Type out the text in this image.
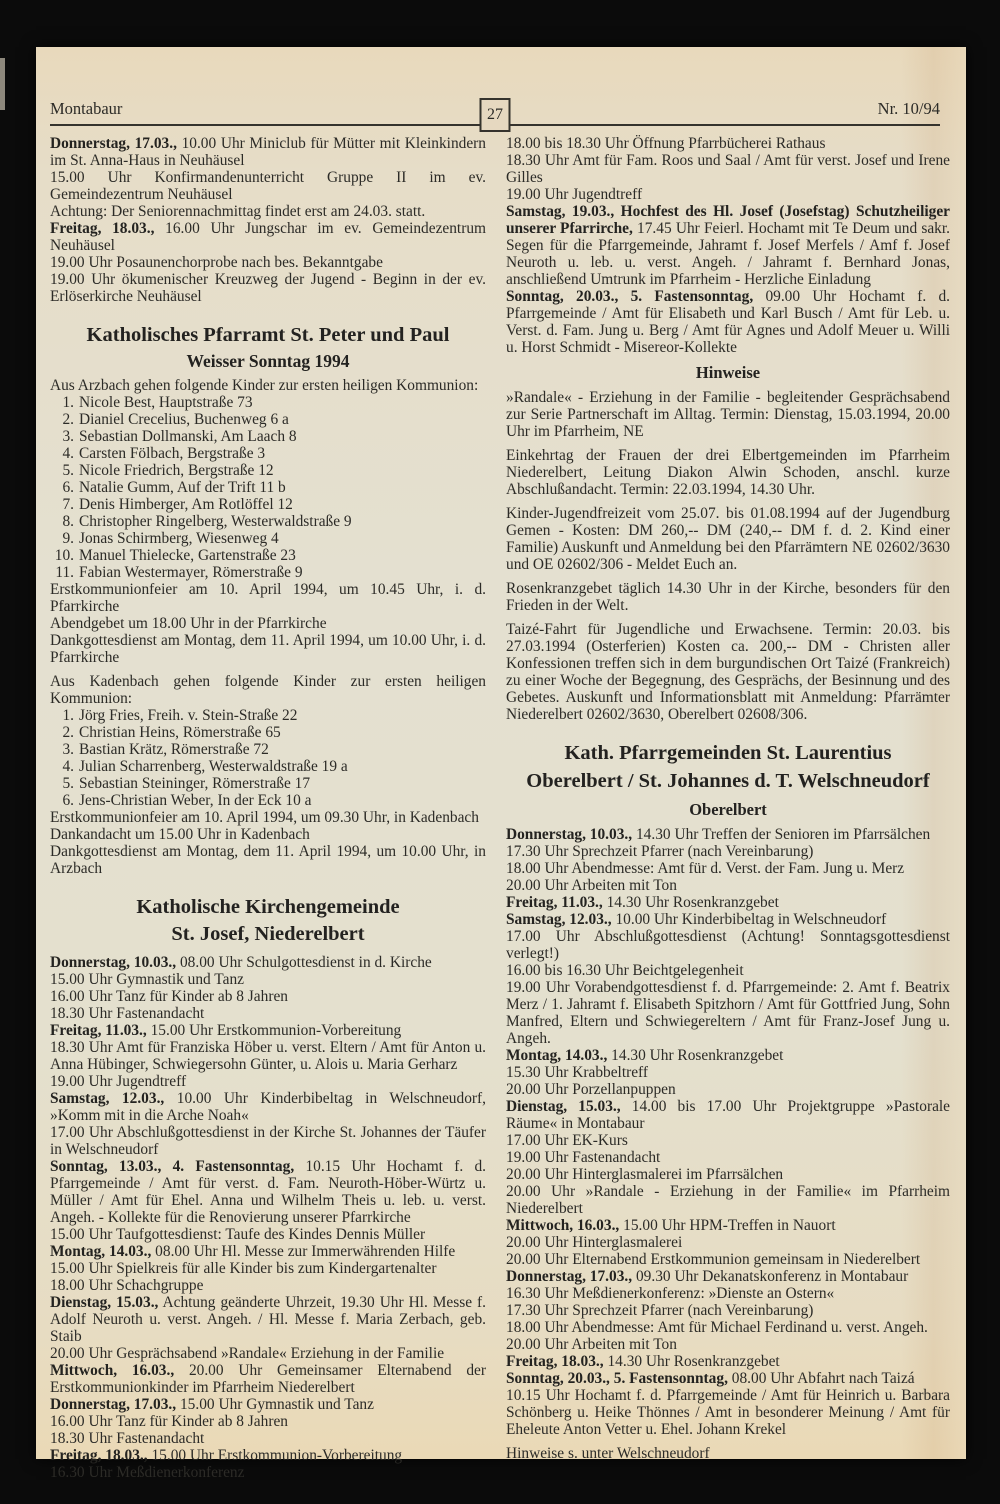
Montabaur	27	Nr. 10/94
Donnerstag, 17.03., 10.00 Uhr Miniclub für Mütter mit Kleinkindern im St. Anna-Haus in Neuhäusel
15.00 Uhr Konfirmandenunterricht Gruppe II im ev. Gemeindezentrum Neuhäusel
Achtung: Der Seniorennachmittag findet erst am 24.03. statt.
Freitag, 18.03., 16.00 Uhr Jungschar im ev. Gemeindezentrum Neuhäusel
19.00 Uhr Posaunenchorprobe nach bes. Bekanntgabe
19.00 Uhr ökumenischer Kreuzweg der Jugend - Beginn in der ev. Erlöserkirche Neuhäusel
Katholisches Pfarramt St. Peter und Paul
Weisser Sonntag 1994
Aus Arzbach gehen folgende Kinder zur ersten heiligen Kommunion:
1. Nicole Best, Hauptstraße 73
2. Dianiel Crecelius, Buchenweg 6 a
3. Sebastian Dollmanski, Am Laach 8
4. Carsten Fölbach, Bergstraße 3
5. Nicole Friedrich, Bergstraße 12
6. Natalie Gumm, Auf der Trift 11 b
7. Denis Himberger, Am Rotlöffel 12
8. Christopher Ringelberg, Westerwaldstraße 9
9. Jonas Schirmberg, Wiesenweg 4
10. Manuel Thielecke, Gartenstraße 23
11. Fabian Westermayer, Römerstraße 9
Erstkommunionfeier am 10. April 1994, um 10.45 Uhr, i. d. Pfarrkirche
Abendgebet um 18.00 Uhr in der Pfarrkirche
Dankgottesdienst am Montag, dem 11. April 1994, um 10.00 Uhr, i. d. Pfarrkirche
Aus Kadenbach gehen folgende Kinder zur ersten heiligen Kommunion:
1. Jörg Fries, Freih. v. Stein-Straße 22
2. Christian Heins, Römerstraße 65
3. Bastian Krätz, Römerstraße 72
4. Julian Scharrenberg, Westerwaldstraße 19 a
5. Sebastian Steininger, Römerstraße 17
6. Jens-Christian Weber, In der Eck 10 a
Erstkommunionfeier am 10. April 1994, um 09.30 Uhr, in Kadenbach
Dankandacht um 15.00 Uhr in Kadenbach
Dankgottesdienst am Montag, dem 11. April 1994, um 10.00 Uhr, in Arzbach
Katholische Kirchengemeinde
St. Josef, Niederelbert
Donnerstag, 10.03., 08.00 Uhr Schulgottesdienst in d. Kirche
15.00 Uhr Gymnastik und Tanz
16.00 Uhr Tanz für Kinder ab 8 Jahren
18.30 Uhr Fastenandacht
Freitag, 11.03., 15.00 Uhr Erstkommunion-Vorbereitung
18.30 Uhr Amt für Franziska Höber u. verst. Eltern / Amt für Anton u. Anna Hübinger, Schwiegersohn Günter, u. Alois u. Maria Gerharz
19.00 Uhr Jugendtreff
Samstag, 12.03., 10.00 Uhr Kinderbibeltag in Welschneudorf, »Komm mit in die Arche Noah«
17.00 Uhr Abschlußgottesdienst in der Kirche St. Johannes der Täufer in Welschneudorf
Sonntag, 13.03., 4. Fastensonntag, 10.15 Uhr Hochamt f. d. Pfarrgemeinde / Amt für verst. d. Fam. Neuroth-Höber-Würtz u. Müller / Amt für Ehel. Anna und Wilhelm Theis u. leb. u. verst. Angeh. - Kollekte für die Renovierung unserer Pfarrkirche
15.00 Uhr Taufgottesdienst: Taufe des Kindes Dennis Müller
Montag, 14.03., 08.00 Uhr Hl. Messe zur Immerwährenden Hilfe
15.00 Uhr Spielkreis für alle Kinder bis zum Kindergartenalter
18.00 Uhr Schachgruppe
Dienstag, 15.03., Achtung geänderte Uhrzeit, 19.30 Uhr Hl. Messe f. Adolf Neuroth u. verst. Angeh. / Hl. Messe f. Maria Zerbach, geb. Staib
20.00 Uhr Gesprächsabend »Randale« Erziehung in der Familie
Mittwoch, 16.03., 20.00 Uhr Gemeinsamer Elternabend der Erstkommunionkinder im Pfarrheim Niederelbert
Donnerstag, 17.03., 15.00 Uhr Gymnastik und Tanz
16.00 Uhr Tanz für Kinder ab 8 Jahren
18.30 Uhr Fastenandacht
Freitag, 18.03., 15.00 Uhr Erstkommunion-Vorbereitung
16.30 Uhr Meßdienerkonferenz
18.00 bis 18.30 Uhr Öffnung Pfarrbücherei Rathaus
18.30 Uhr Amt für Fam. Roos und Saal / Amt für verst. Josef und Irene Gilles
19.00 Uhr Jugendtreff
Samstag, 19.03., Hochfest des Hl. Josef (Josefstag) Schutzheiliger unserer Pfarrirche, 17.45 Uhr Feierl. Hochamt mit Te Deum und sakr. Segen für die Pfarrgemeinde, Jahramt f. Josef Merfels / Amf f. Josef Neuroth u. leb. u. verst. Angeh. / Jahramt f. Bernhard Jonas, anschließend Umtrunk im Pfarrheim - Herzliche Einladung
Sonntag, 20.03., 5. Fastensonntag, 09.00 Uhr Hochamt f. d. Pfarrgemeinde / Amt für Elisabeth und Karl Busch / Amt für Leb. u. Verst. d. Fam. Jung u. Berg / Amt für Agnes und Adolf Meuer u. Willi u. Horst Schmidt - Misereor-Kollekte
Hinweise
»Randale« - Erziehung in der Familie - begleitender Gesprächsabend zur Serie Partnerschaft im Alltag. Termin: Dienstag, 15.03.1994, 20.00 Uhr im Pfarrheim, NE
Einkehrtag der Frauen der drei Elbertgemeinden im Pfarrheim Niederelbert, Leitung Diakon Alwin Schoden, anschl. kurze Abschlußandacht. Termin: 22.03.1994, 14.30 Uhr.
Kinder-Jugendfreizeit vom 25.07. bis 01.08.1994 auf der Jugendburg Gemen - Kosten: DM 260,-- DM (240,-- DM f. d. 2. Kind einer Familie) Auskunft und Anmeldung bei den Pfarrämtern NE 02602/3630 und OE 02602/306 - Meldet Euch an.
Rosenkranzgebet täglich 14.30 Uhr in der Kirche, besonders für den Frieden in der Welt.
Taizé-Fahrt für Jugendliche und Erwachsene. Termin: 20.03. bis 27.03.1994 (Osterferien) Kosten ca. 200,-- DM - Christen aller Konfessionen treffen sich in dem burgundischen Ort Taizé (Frankreich) zu einer Woche der Begegnung, des Gesprächs, der Besinnung und des Gebetes. Auskunft und Informationsblatt mit Anmeldung: Pfarrämter Niederelbert 02602/3630, Oberelbert 02608/306.
Kath. Pfarrgemeinden St. Laurentius
Oberelbert / St. Johannes d. T. Welschneudorf
Oberelbert
Donnerstag, 10.03., 14.30 Uhr Treffen der Senioren im Pfarrsälchen
17.30 Uhr Sprechzeit Pfarrer (nach Vereinbarung)
18.00 Uhr Abendmesse: Amt für d. Verst. der Fam. Jung u. Merz
20.00 Uhr Arbeiten mit Ton
Freitag, 11.03., 14.30 Uhr Rosenkranzgebet
Samstag, 12.03., 10.00 Uhr Kinderbibeltag in Welschneudorf
17.00 Uhr Abschlußgottesdienst (Achtung! Sonntagsgottesdienst verlegt!)
16.00 bis 16.30 Uhr Beichtgelegenheit
19.00 Uhr Vorabendgottesdienst f. d. Pfarrgemeinde: 2. Amt f. Beatrix Merz / 1. Jahramt f. Elisabeth Spitzhorn / Amt für Gottfried Jung, Sohn Manfred, Eltern und Schwiegereltern / Amt für Franz-Josef Jung u. Angeh.
Montag, 14.03., 14.30 Uhr Rosenkranzgebet
15.30 Uhr Krabbeltreff
20.00 Uhr Porzellanpuppen
Dienstag, 15.03., 14.00 bis 17.00 Uhr Projektgruppe »Pastorale Räume« in Montabaur
17.00 Uhr EK-Kurs
19.00 Uhr Fastenandacht
20.00 Uhr Hinterglasmalerei im Pfarrsälchen
20.00 Uhr »Randale - Erziehung in der Familie« im Pfarrheim Niederelbert
Mittwoch, 16.03., 15.00 Uhr HPM-Treffen in Nauort
20.00 Uhr Hinterglasmalerei
20.00 Uhr Elternabend Erstkommunion gemeinsam in Niederelbert
Donnerstag, 17.03., 09.30 Uhr Dekanatskonferenz in Montabaur
16.30 Uhr Meßdienerkonferenz: »Dienste an Ostern«
17.30 Uhr Sprechzeit Pfarrer (nach Vereinbarung)
18.00 Uhr Abendmesse: Amt für Michael Ferdinand u. verst. Angeh.
20.00 Uhr Arbeiten mit Ton
Freitag, 18.03., 14.30 Uhr Rosenkranzgebet
Sonntag, 20.03., 5. Fastensonntag, 08.00 Uhr Abfahrt nach Taizá
10.15 Uhr Hochamt f. d. Pfarrgemeinde / Amt für Heinrich u. Barbara Schönberg u. Heike Thönnes / Amt in besonderer Meinung / Amt für Eheleute Anton Vetter u. Ehel. Johann Krekel
Hinweise s. unter Welschneudorf
